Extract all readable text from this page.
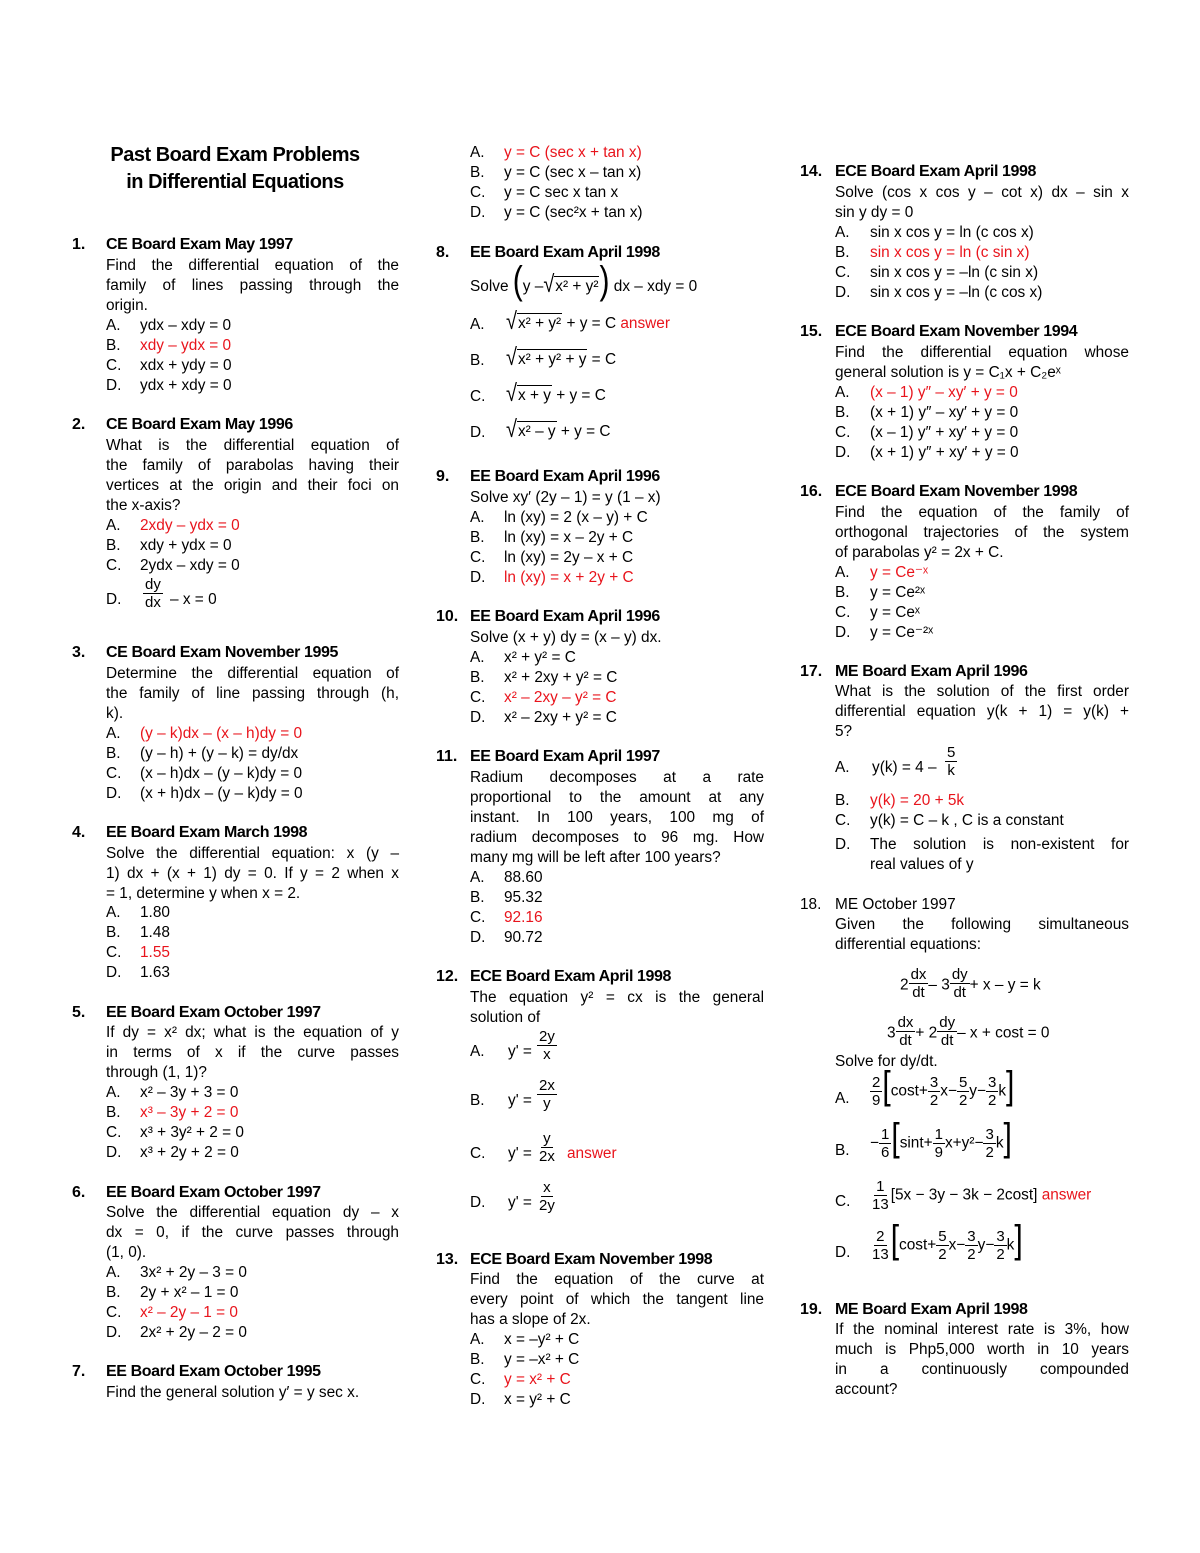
Past Board Exam Problems
in Differential Equations
1. CE Board Exam May 1997
Find the differential equation of the
family of lines passing through the
origin.
A. ydx – xdy = 0
B. xdy – ydx = 0
C. xdx + ydy = 0
D. ydx + xdy = 0
2. CE Board Exam May 1996
What is the differential equation of
the family of parabolas having their
vertices at the origin and their foci on
the x-axis?
A. 2xdy – ydx = 0
B. xdy + ydx = 0
C. 2ydx – xdy = 0
D. $\frac{dy}{dx} - x = 0$
3. CE Board Exam November 1995
Determine the differential equation of
the family of line passing through (h,
k).
A. (y – k)dx – (x – h)dy = 0
B. (y – h) + (y – k) = dy/dx
C. (x – h)dx – (y – k)dy = 0
D. (x + h)dx – (y – k)dy = 0
4. EE Board Exam March 1998
Solve the differential equation: x (y –
1) dx + (x + 1) dy = 0. If y = 2 when x
= 1, determine y when x = 2.
A. 1.80
B. 1.48
C. 1.55
D. 1.63
5. EE Board Exam October 1997
If dy = x² dx; what is the equation of y
in terms of x if the curve passes
through (1, 1)?
A. x² – 3y + 3 = 0
B. x³ – 3y + 2 = 0
C. x³ + 3y² + 2 = 0
D. x³ + 2y + 2 = 0
6. EE Board Exam October 1997
Solve the differential equation dy – x
dx = 0, if the curve passes through
(1, 0).
A. 3x² + 2y – 3 = 0
B. 2y + x² – 1 = 0
C. x² – 2y – 1 = 0
D. 2x² + 2y – 2 = 0
7. EE Board Exam October 1995
Find the general solution y′ = y sec x.
A. y = C (sec x + tan x)
B. y = C (sec x – tan x)
C. y = C sec x tan x
D. y = C (sec²x + tan x)
8. EE Board Exam April 1998
Solve (y –√x² + y²) dx – xdy = 0
A. √x² + y² + y = C answer
B. √x² + y² + y = C
C. √x + y + y = C
D. √x² – y + y = C
9. EE Board Exam April 1996
Solve xy′ (2y – 1) = y (1 – x)
A. ln (xy) = 2 (x – y) + C
B. ln (xy) = x – 2y + C
C. ln (xy) = 2y – x + C
D. ln (xy) = x + 2y + C
10. EE Board Exam April 1996
Solve (x + y) dy = (x – y) dx.
A. x² + y² = C
B. x² + 2xy + y² = C
C. x² – 2xy – y² = C
D. x² – 2xy + y² = C
11. EE Board Exam April 1997
Radium decomposes at a rate
proportional to the amount at any
instant. In 100 years, 100 mg of
radium decomposes to 96 mg. How
many mg will be left after 100 years?
A. 88.60
B. 95.32
C. 92.16
D. 90.72
12. ECE Board Exam April 1998
The equation y² = cx is the general
solution of
A. $y' = \frac{2y}{x}$
B. $y' = \frac{2x}{y}$
C. $y' = \frac{y}{2x}$ answer
D. $y' = \frac{x}{2y}$
13. ECE Board Exam November 1998
Find the equation of the curve at
every point of which the tangent line
has a slope of 2x.
A. x = –y² + C
B. y = –x² + C
C. y = x² + C
D. x = y² + C
14. ECE Board Exam April 1998
Solve (cos x cos y – cot x) dx – sin x
sin y dy = 0
A. sin x cos y = ln (c cos x)
B. sin x cos y = ln (c sin x)
C. sin x cos y = –ln (c sin x)
D. sin x cos y = –ln (c cos x)
15. ECE Board Exam November 1994
Find the differential equation whose
general solution is y = C₁x + C₂eˣ
A. (x – 1) y″ – xy′ + y = 0
B. (x + 1) y″ – xy′ + y = 0
C. (x – 1) y″ + xy′ + y = 0
D. (x + 1) y″ + xy′ + y = 0
16. ECE Board Exam November 1998
Find the equation of the family of
orthogonal trajectories of the system
of parabolas y² = 2x + C.
A. y = Ce⁻ˣ
B. y = Ce²ˣ
C. y = Ceˣ
D. y = Ce⁻²ˣ
17. ME Board Exam April 1996
What is the solution of the first order
differential equation y(k + 1) = y(k) +
5?
A. $y(k) = 4 - \frac{5}{k}$
B. y(k) = 20 + 5k
C. y(k) = C – k , C is a constant
D. The solution is non-existent for
real values of y
18. ME October 1997
Given the following simultaneous
differential equations:
$2 \frac{dx}{dt} - 3 \frac{dy}{dt} + x - y = k$
$3 \frac{dx}{dt} + 2 \frac{dy}{dt} - x + \cos t = 0$
Solve for dy/dt.
A. $\frac{2}{9} [\cos t+ \frac{3}{2} x- \frac{5}{2} y- \frac{3}{2} k]$
B. − $\frac{1}{6} [\sin t+ \frac{1}{9} x+y^2- \frac{3}{2} k]$
C. $\frac{1}{13} [5x - 3y - 3k - 2\cos t]$ answer
D. $\frac{2}{13} [\cos t+ \frac{5}{2} x- \frac{3}{2} y- \frac{3}{2} k]$
19. ME Board Exam April 1998
If the nominal interest rate is 3%, how
much is Php5,000 worth in 10 years
in a continuously compounded
account?
